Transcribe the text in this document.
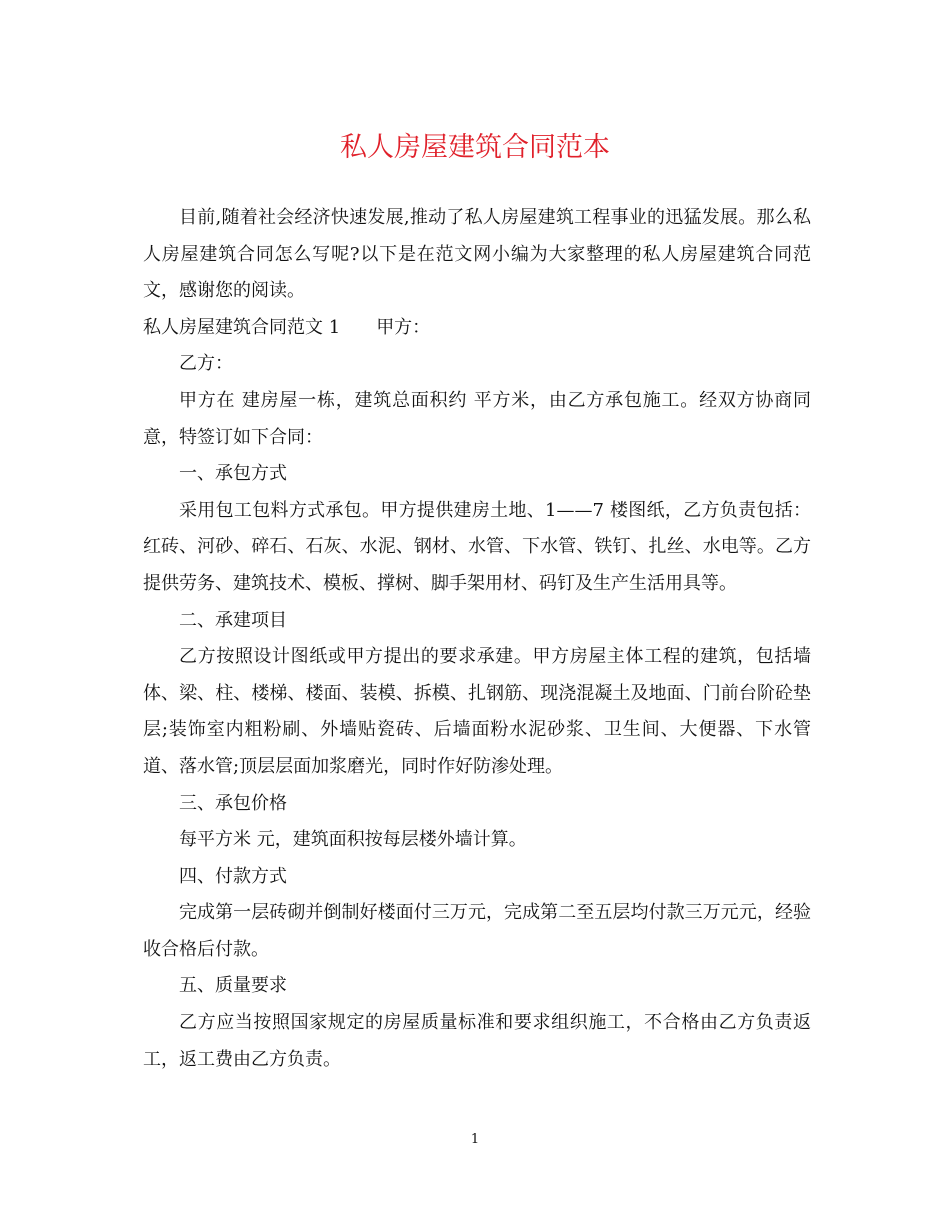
私人房屋建筑合同范本

目前,随着社会经济快速发展,推动了私人房屋建筑工程事业的迅猛发展。那么私人房屋建筑合同怎么写呢?以下是在范文网小编为大家整理的私人房屋建筑合同范文，感谢您的阅读。

私人房屋建筑合同范文 1 甲方：

乙方：

甲方在 建房屋一栋，建筑总面积约 平方米，由乙方承包施工。经双方协商同意，特签订如下合同：

一、承包方式

采用包工包料方式承包。甲方提供建房土地、1——7 楼图纸，乙方负责包括：红砖、河砂、碎石、石灰、水泥、钢材、水管、下水管、铁钉、扎丝、水电等。乙方提供劳务、建筑技术、模板、撑树、脚手架用材、码钉及生产生活用具等。

二、承建项目

乙方按照设计图纸或甲方提出的要求承建。甲方房屋主体工程的建筑，包括墙体、梁、柱、楼梯、楼面、装模、拆模、扎钢筋、现浇混凝土及地面、门前台阶砼垫层;装饰室内粗粉刷、外墙贴瓷砖、后墙面粉水泥砂浆、卫生间、大便器、下水管道、落水管;顶层层面加浆磨光，同时作好防渗处理。

三、承包价格

每平方米 元，建筑面积按每层楼外墙计算。

四、付款方式

完成第一层砖砌并倒制好楼面付三万元，完成第二至五层均付款三万元元，经验收合格后付款。

五、质量要求

乙方应当按照国家规定的房屋质量标准和要求组织施工，不合格由乙方负责返工，返工费由乙方负责。

1
